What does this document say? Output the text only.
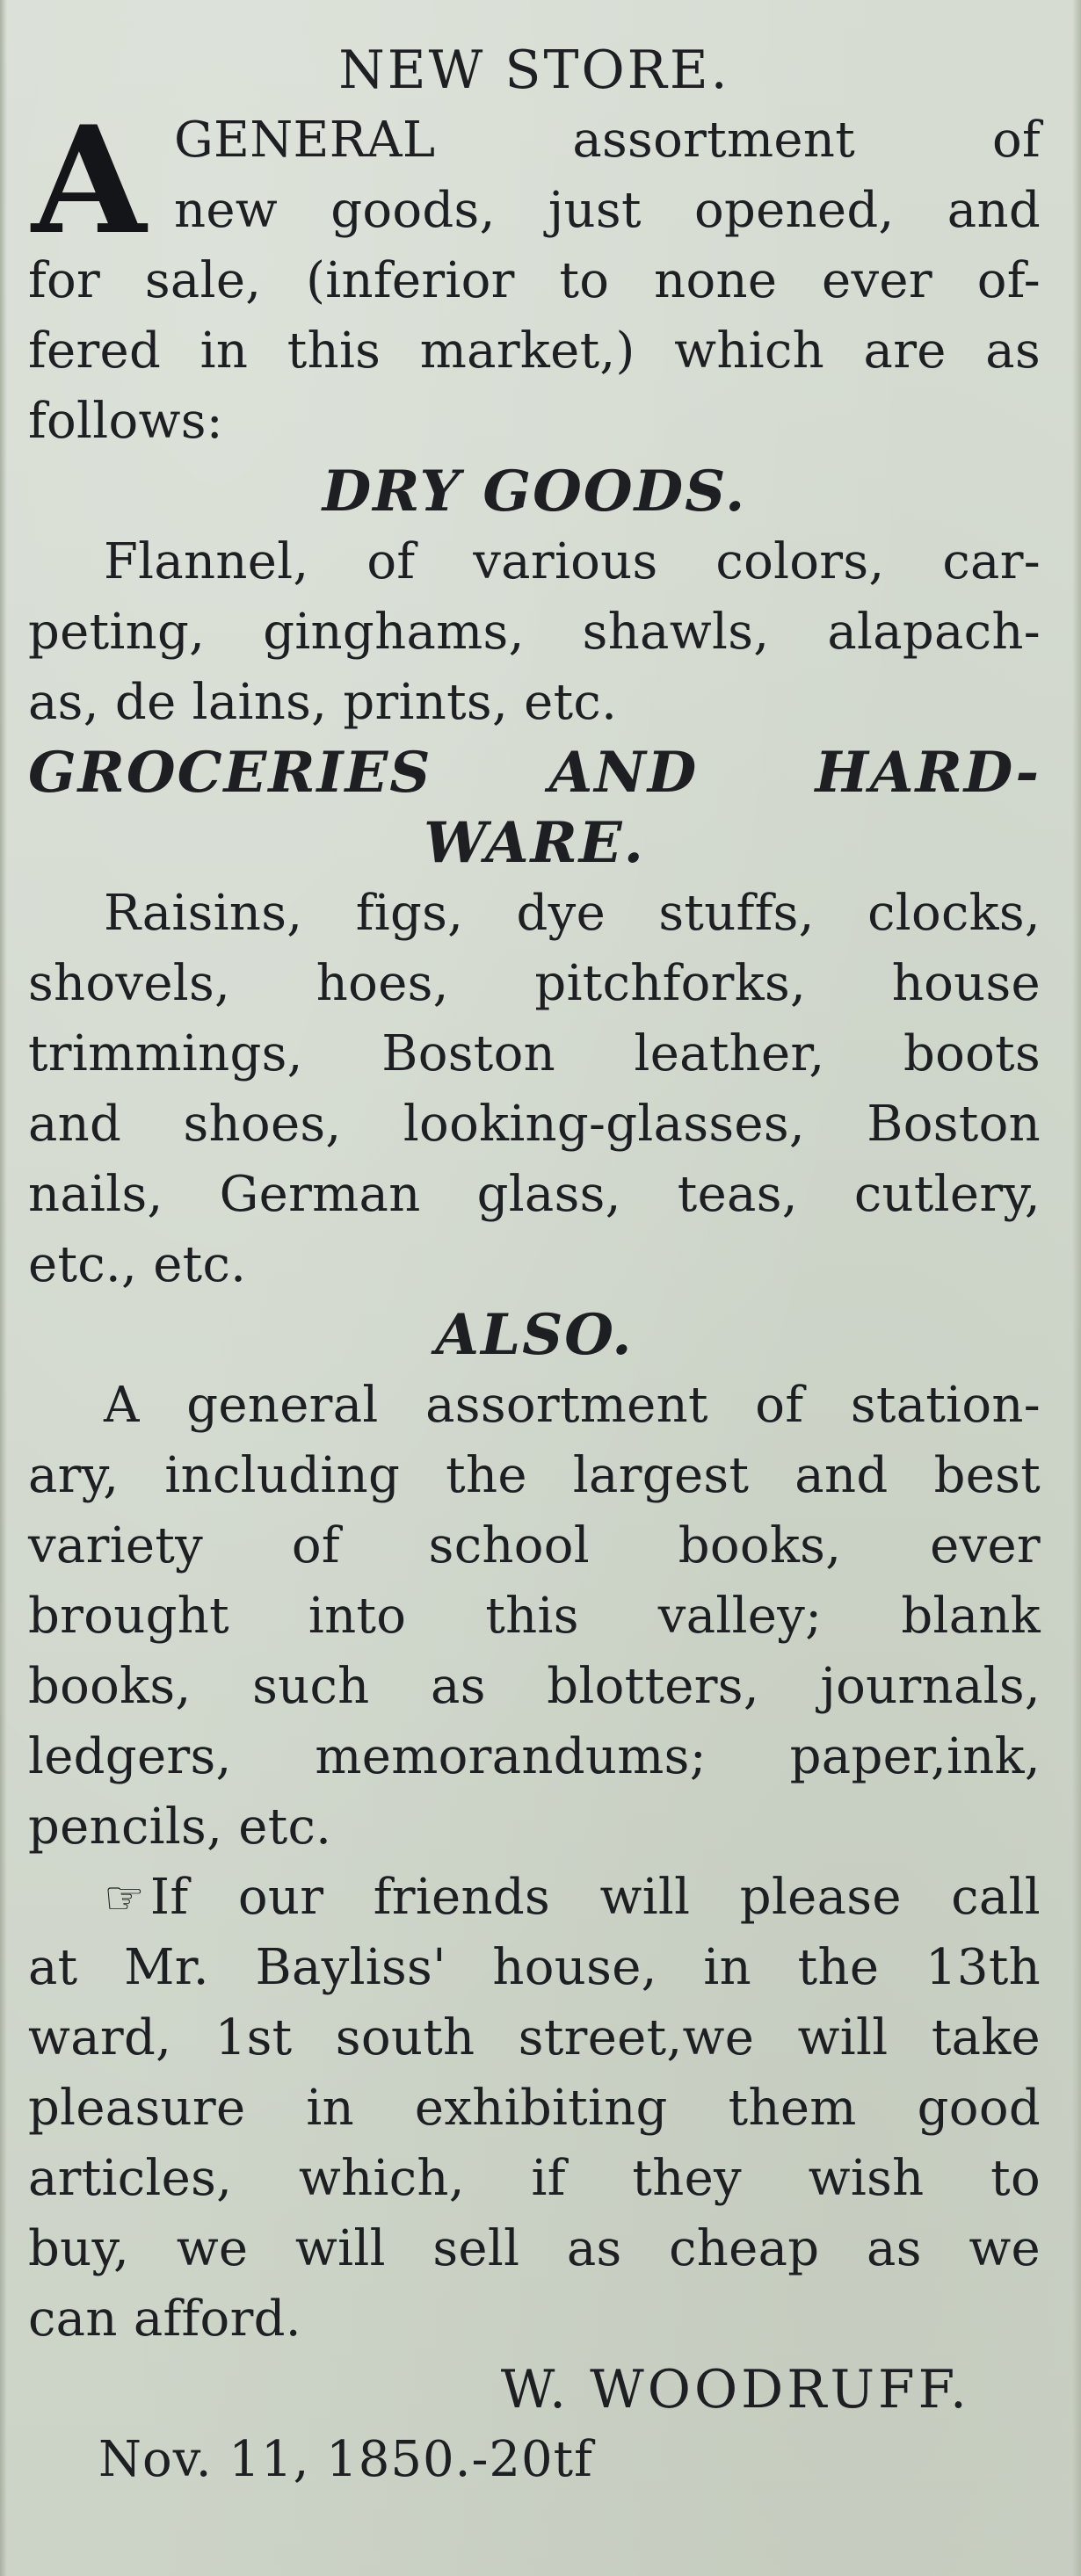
NEW STORE.
A GENERAL assortment of
new goods, just opened, and
for sale, (inferior to none ever of-
fered in this market,) which are as
follows:
DRY GOODS.
Flannel, of various colors, car-
peting, ginghams, shawls, alapach-
as, de lains, prints, etc.
GROCERIES AND HARD-
WARE.
Raisins, figs, dye stuffs, clocks,
shovels, hoes, pitchforks, house
trimmings, Boston leather, boots
and shoes, looking-glasses, Boston
nails, German glass, teas, cutlery,
etc., etc.
ALSO.
A general assortment of station-
ary, including the largest and best
variety of school books, ever
brought into this valley; blank
books, such as blotters, journals,
ledgers, memorandums; paper,ink,
pencils, etc.
☞ If our friends will please call
at Mr. Bayliss' house, in the 13th
ward, 1st south street,we will take
pleasure in exhibiting them good
articles, which, if they wish to
buy, we will sell as cheap as we
can afford.
W. WOODRUFF.
Nov. 11, 1850.-20tf
